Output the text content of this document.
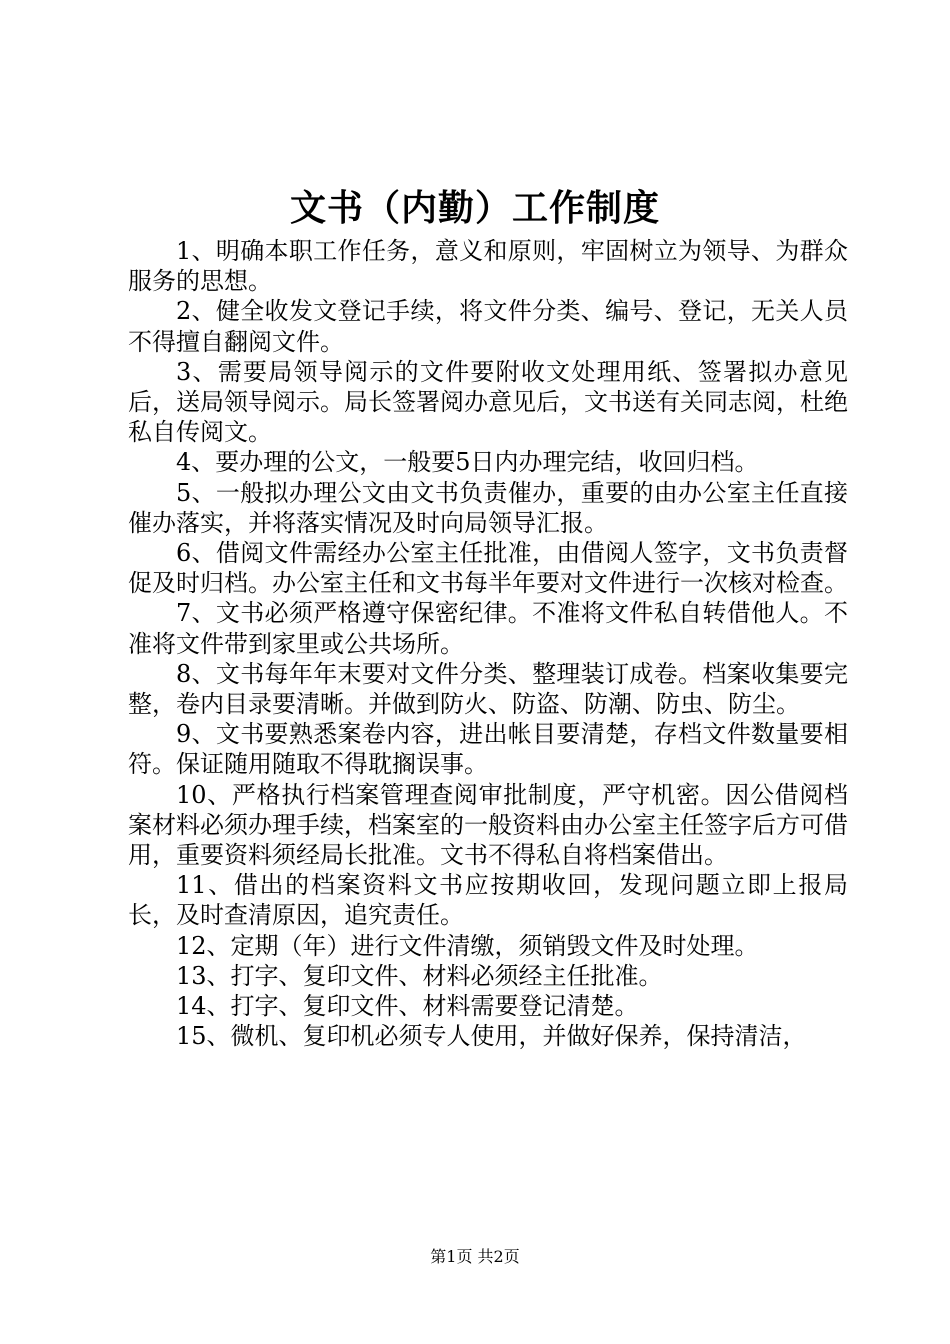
文书（内勤）工作制度

1、明确本职工作任务，意义和原则，牢固树立为领导、为群众服务的思想。

2、健全收发文登记手续，将文件分类、编号、登记，无关人员不得擅自翻阅文件。

3、需要局领导阅示的文件要附收文处理用纸、签署拟办意见后，送局领导阅示。局长签署阅办意见后，文书送有关同志阅，杜绝私自传阅文。

4、要办理的公文，一般要5日内办理完结，收回归档。

5、一般拟办理公文由文书负责催办，重要的由办公室主任直接催办落实，并将落实情况及时向局领导汇报。

6、借阅文件需经办公室主任批准，由借阅人签字，文书负责督促及时归档。办公室主任和文书每半年要对文件进行一次核对检查。

7、文书必须严格遵守保密纪律。不准将文件私自转借他人。不准将文件带到家里或公共场所。

8、文书每年年末要对文件分类、整理装订成卷。档案收集要完整，卷内目录要清晰。并做到防火、防盗、防潮、防虫、防尘。

9、文书要熟悉案卷内容，进出帐目要清楚，存档文件数量要相符。保证随用随取不得耽搁误事。

10、严格执行档案管理查阅审批制度，严守机密。因公借阅档案材料必须办理手续，档案室的一般资料由办公室主任签字后方可借用，重要资料须经局长批准。文书不得私自将档案借出。

11、借出的档案资料文书应按期收回，发现问题立即上报局长，及时查清原因，追究责任。

12、定期（年）进行文件清缴，须销毁文件及时处理。

13、打字、复印文件、材料必须经主任批准。

14、打字、复印文件、材料需要登记清楚。

15、微机、复印机必须专人使用，并做好保养，保持清洁，

第1页 共2页
